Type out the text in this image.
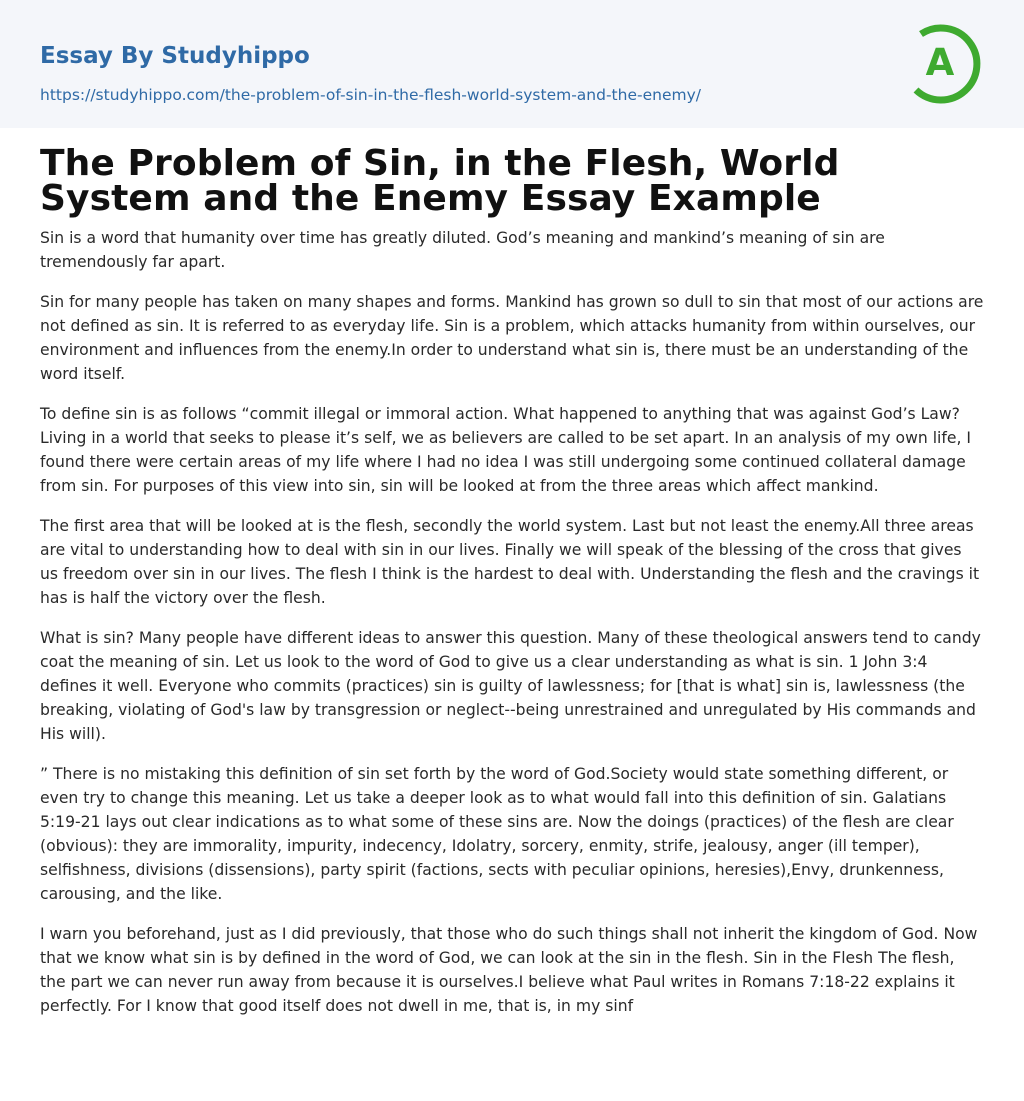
Essay By Studyhippo
https://studyhippo.com/the-problem-of-sin-in-the-flesh-world-system-and-the-enemy/
A
The Problem of Sin, in the Flesh, World System and the Enemy Essay Example

Sin is a word that humanity over time has greatly diluted. God’s meaning and mankind’s meaning of sin are tremendously far apart.

Sin for many people has taken on many shapes and forms. Mankind has grown so dull to sin that most of our actions are not defined as sin. It is referred to as everyday life. Sin is a problem, which attacks humanity from within ourselves, our environment and influences from the enemy.In order to understand what sin is, there must be an understanding of the word itself.

To define sin is as follows “commit illegal or immoral action. What happened to anything that was against God’s Law? Living in a world that seeks to please it’s self, we as believers are called to be set apart. In an analysis of my own life, I found there were certain areas of my life where I had no idea I was still undergoing some continued collateral damage from sin. For purposes of this view into sin, sin will be looked at from the three areas which affect mankind.

The first area that will be looked at is the flesh, secondly the world system. Last but not least the enemy.All three areas are vital to understanding how to deal with sin in our lives. Finally we will speak of the blessing of the cross that gives us freedom over sin in our lives. The flesh I think is the hardest to deal with. Understanding the flesh and the cravings it has is half the victory over the flesh.

What is sin? Many people have different ideas to answer this question. Many of these theological answers tend to candy coat the meaning of sin. Let us look to the word of God to give us a clear understanding as what is sin. 1 John 3:4 defines it well. Everyone who commits (practices) sin is guilty of lawlessness; for [that is what] sin is, lawlessness (the breaking, violating of God's law by transgression or neglect--being unrestrained and unregulated by His commands and His will).

” There is no mistaking this definition of sin set forth by the word of God.Society would state something different, or even try to change this meaning. Let us take a deeper look as to what would fall into this definition of sin. Galatians 5:19-21 lays out clear indications as to what some of these sins are. Now the doings (practices) of the flesh are clear (obvious): they are immorality, impurity, indecency, Idolatry, sorcery, enmity, strife, jealousy, anger (ill temper), selfishness, divisions (dissensions), party spirit (factions, sects with peculiar opinions, heresies),Envy, drunkenness, carousing, and the like.

I warn you beforehand, just as I did previously, that those who do such things shall not inherit the kingdom of God. Now that we know what sin is by defined in the word of God, we can look at the sin in the flesh. Sin in the Flesh The flesh, the part we can never run away from because it is ourselves.I believe what Paul writes in Romans 7:18-22 explains it perfectly. For I know that good itself does not dwell in me, that is, in my sinf
